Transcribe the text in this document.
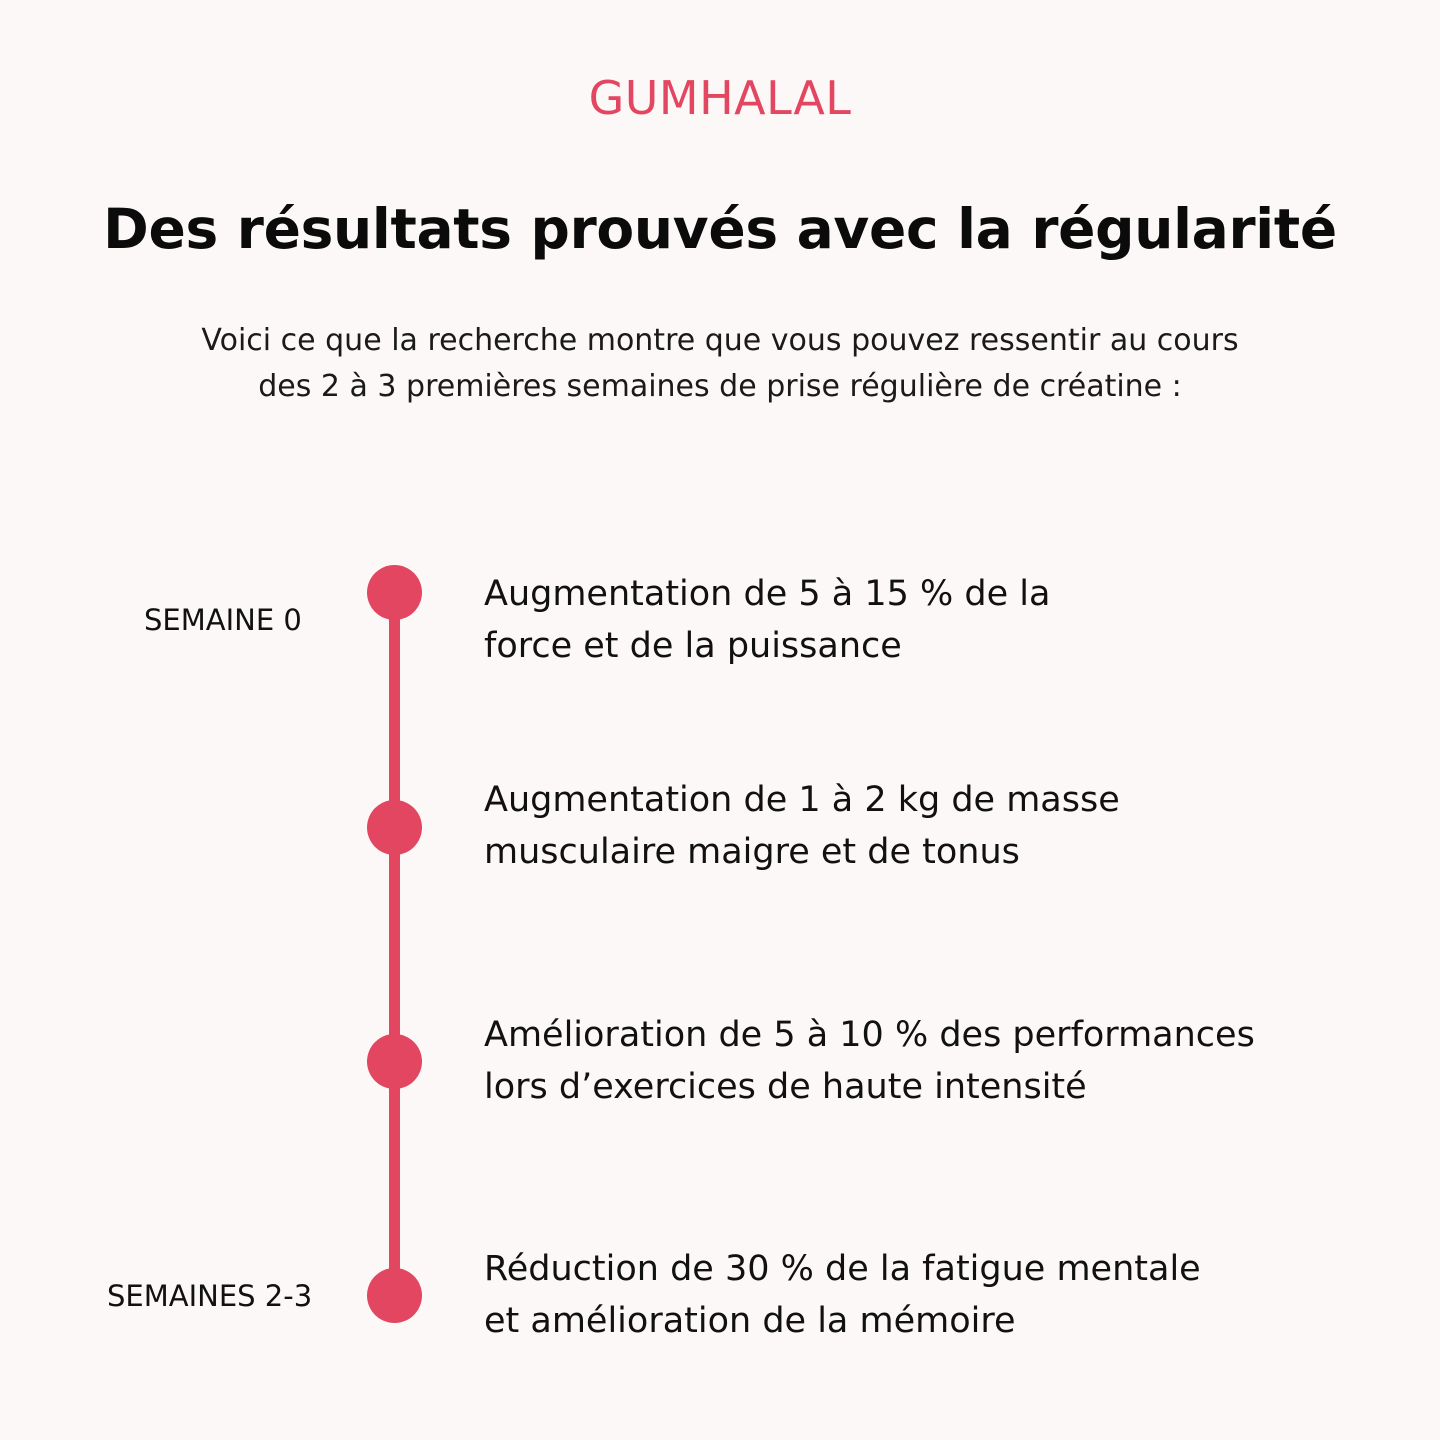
GUMHALAL
Des résultats prouvés avec la régularité
Voici ce que la recherche montre que vous pouvez ressentir au cours
des 2 à 3 premières semaines de prise régulière de créatine :
SEMAINE 0
SEMAINES 2-3
Augmentation de 5 à 15 % de la
force et de la puissance
Augmentation de 1 à 2 kg de masse
musculaire maigre et de tonus
Amélioration de 5 à 10 % des performances
lors d’exercices de haute intensité
Réduction de 30 % de la fatigue mentale
et amélioration de la mémoire
